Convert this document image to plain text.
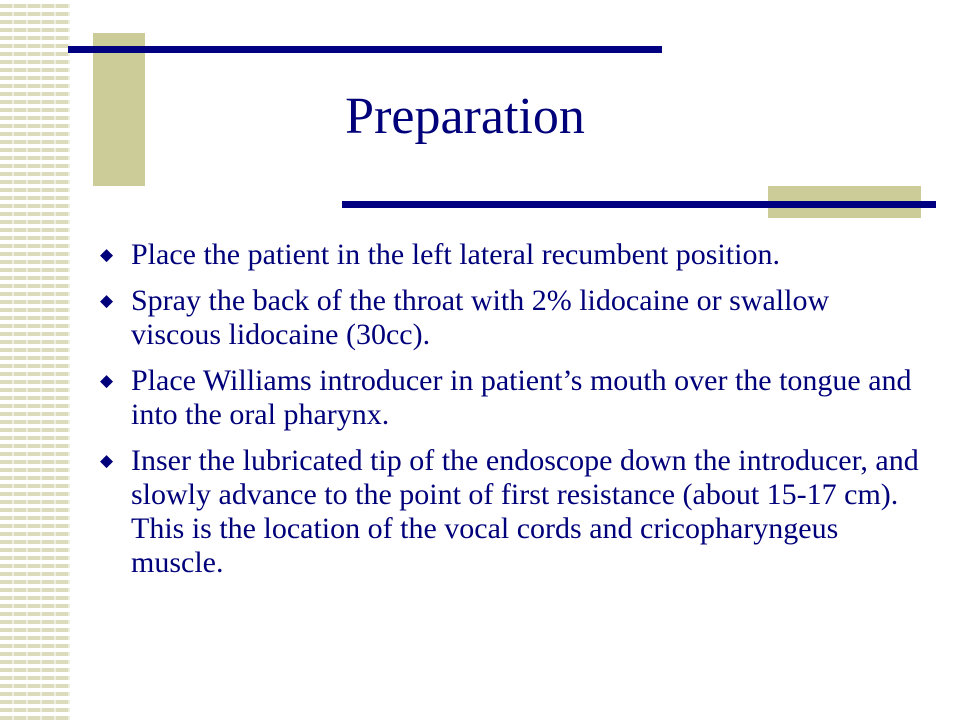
Preparation
◆ Place the patient in the left lateral recumbent position.
◆ Spray the back of the throat with 2% lidocaine or swallow viscous lidocaine (30cc).
◆ Place Williams introducer in patient’s mouth over the tongue and into the oral pharynx.
◆ Inser the lubricated tip of the endoscope down the introducer, and slowly advance to the point of first resistance (about 15-17 cm). This is the location of the vocal cords and cricopharyngeus muscle.
